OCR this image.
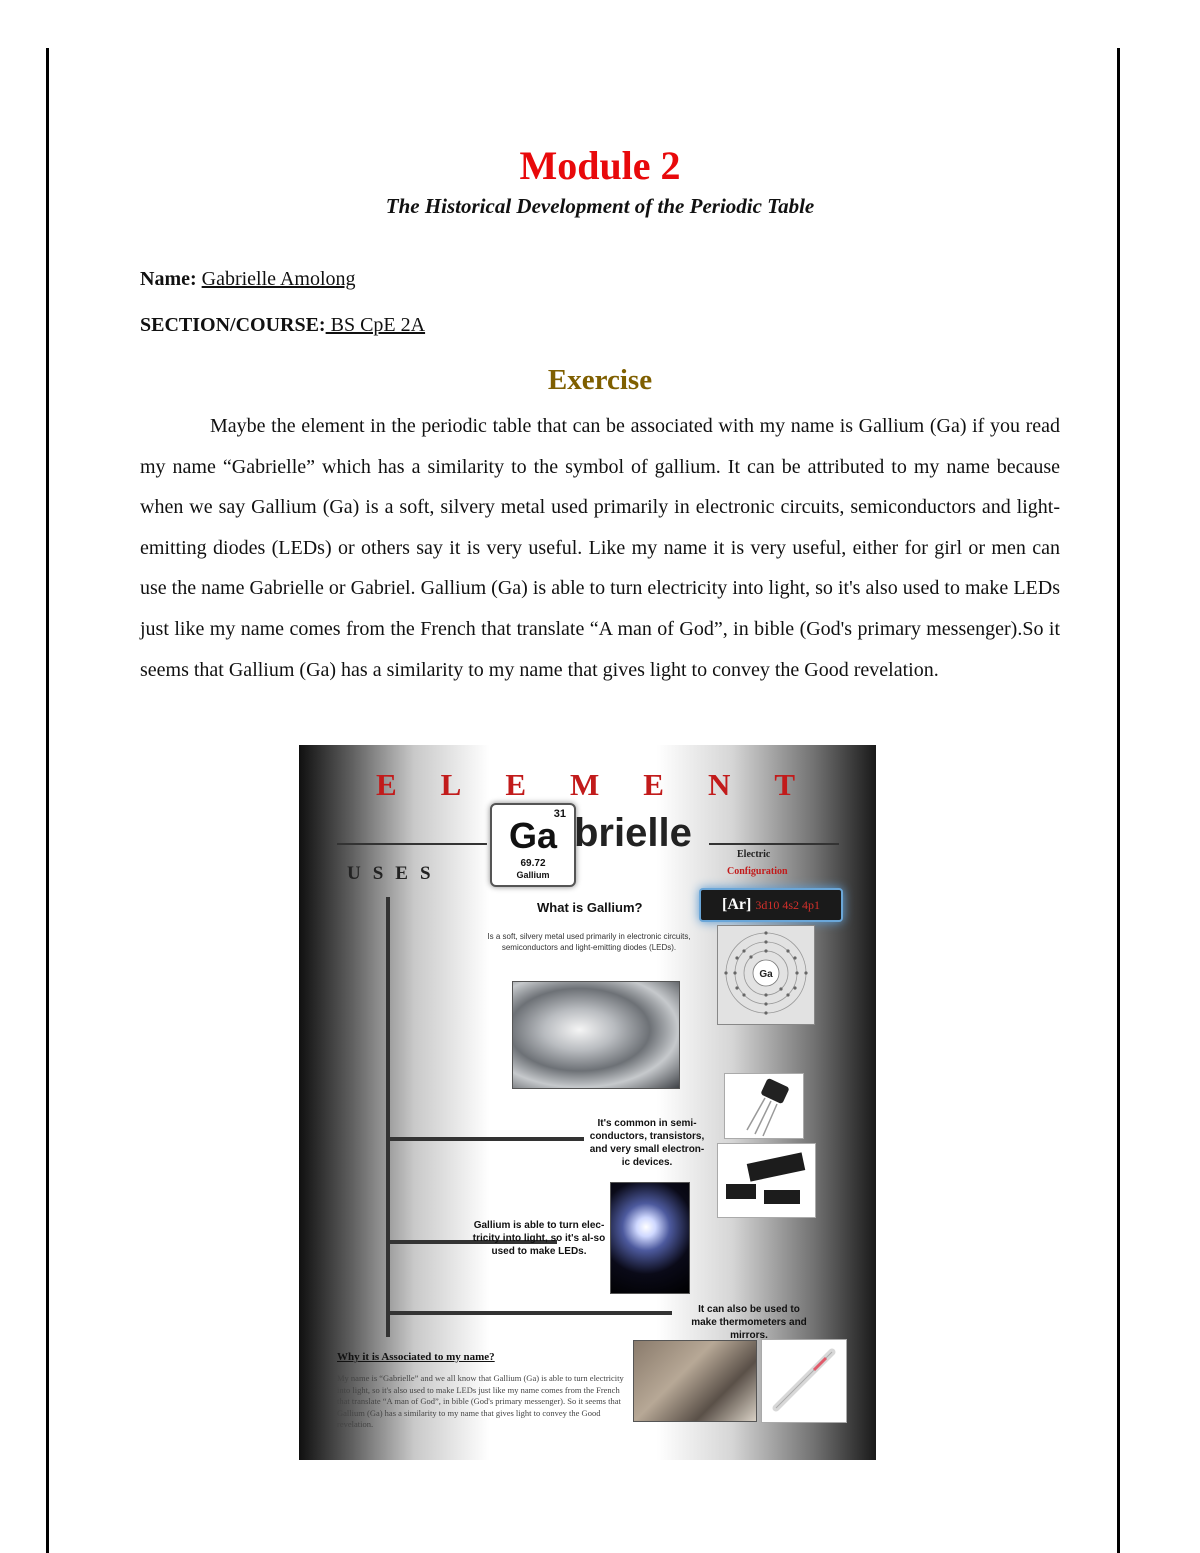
Module 2
The Historical Development of the Periodic Table
Name: Gabrielle Amolong
SECTION/COURSE: BS CpE 2A
Exercise

Maybe the element in the periodic table that can be associated with my name is Gallium (Ga) if you read my name “Gabrielle” which has a similarity to the symbol of gallium. It can be attributed to my name because when we say Gallium (Ga) is a soft, silvery metal used primarily in electronic circuits, semiconductors and light-emitting diodes (LEDs) or others say it is very useful. Like my name it is very useful, either for girl or men can use the name Gabrielle or Gabriel. Gallium (Ga) is able to turn electricity into light, so it's also used to make LEDs just like my name comes from the French that translate “A man of God”, in bible (God's primary messenger).So it seems that Gallium (Ga) has a similarity to my name that gives light to convey the Good revelation.

ELEMENT
31
Ga
69.72
Gallium
brielle
USES
Electric
Configuration
[Ar] 3d10 4s2 4p1
What is Gallium?
Is a soft, silvery metal used primarily in electronic circuits, semiconductors and light-emitting diodes (LEDs).
Ga
It's common in semi-conductors, transistors, and very small electron-ic devices.
Gallium is able to turn elec-tricity into light, so it's al-so used to make LEDs.
It can also be used to make thermometers and mirrors.
Why it is Associated to my name?
My name is “Gabrielle” and we all know that Gallium (Ga) is able to turn electricity into light, so it's also used to make LEDs just like my name comes from the French that translate “A man of God”, in bible (God's primary messenger). So it seems that Gallium (Ga) has a similarity to my name that gives light to convey the Good revelation.
